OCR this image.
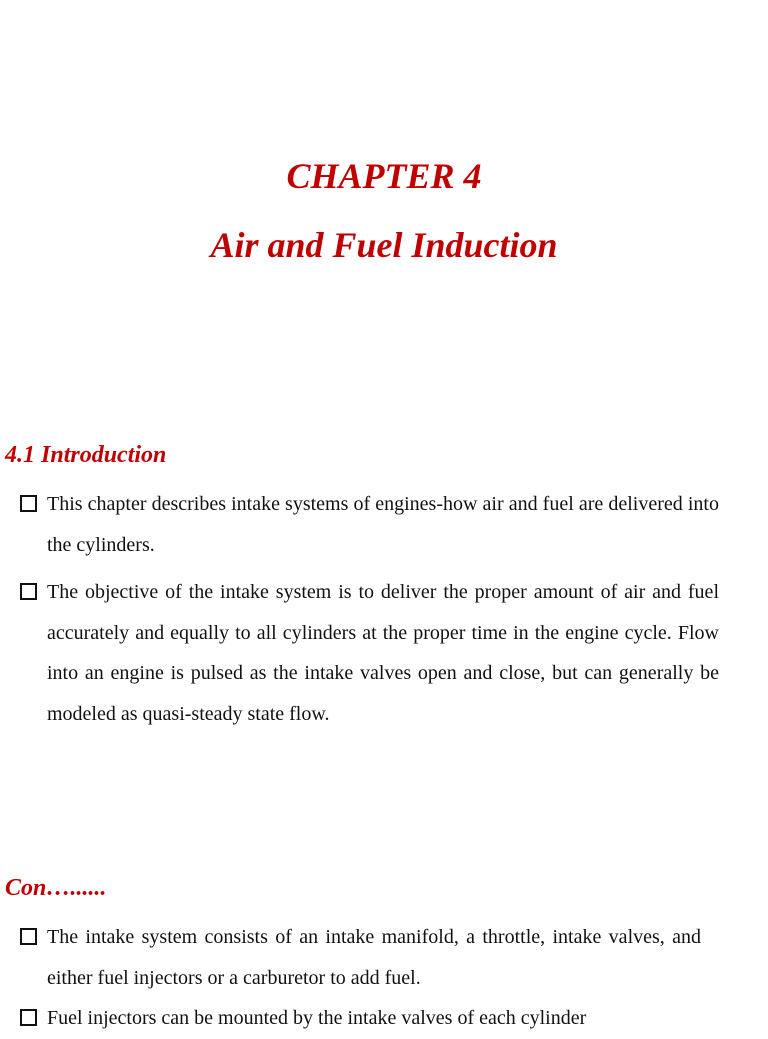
CHAPTER 4
Air and Fuel Induction
4.1 Introduction
This chapter describes intake systems of engines-how air and fuel are delivered into the cylinders.
The objective of the intake system is to deliver the proper amount of air and fuel accurately and equally to all cylinders at the proper time in the engine cycle. Flow into an engine is pulsed as the intake valves open and close, but can generally be modeled as quasi-steady state flow.
Con…......
The intake system consists of an intake manifold, a throttle, intake valves, and either fuel injectors or a carburetor to add fuel.
Fuel injectors can be mounted by the intake valves of each cylinder
